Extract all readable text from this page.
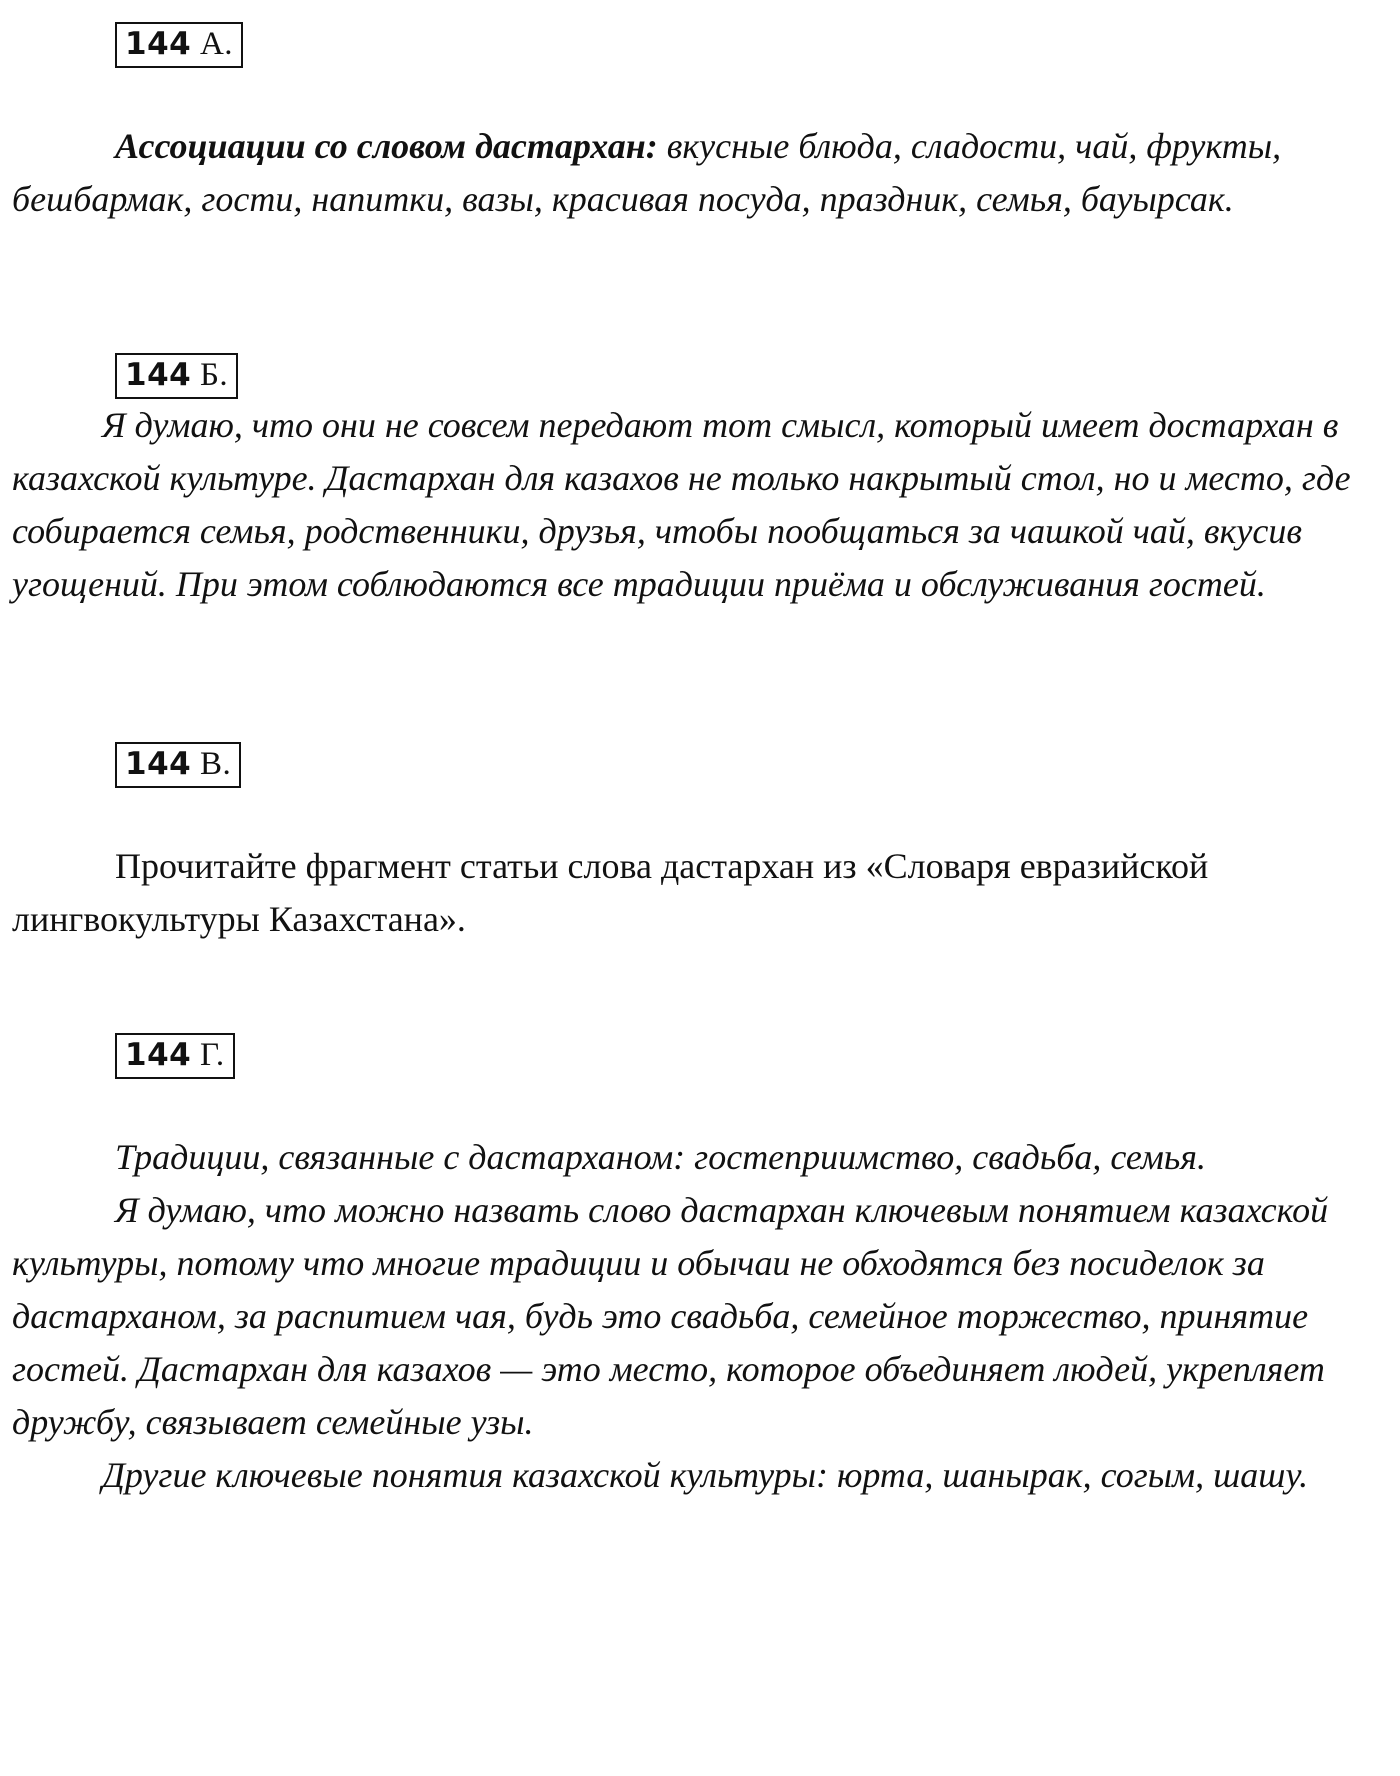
144 А.

Ассоциации со словом дастархан: вкусные блюда, сладости, чай, фрукты, бешбармак, гости, напитки, вазы, красивая посуда, праздник, семья, бауырсак.

144 Б.

Я думаю, что они не совсем передают тот смысл, который имеет достархан в казахской культуре. Дастархан для казахов не только накрытый стол, но и место, где собирается семья, родственники, друзья, чтобы пообщаться за чашкой чай, вкусив угощений. При этом соблюдаются все традиции приёма и обслуживания гостей.

144 В.

Прочитайте фрагмент статьи слова дастархан из «Словаря евразийской лингвокультуры Казахстана».

144 Г.

Традиции, связанные с дастарханом: гостеприимство, свадьба, семья.

Я думаю, что можно назвать слово дастархан ключевым понятием казахской культуры, потому что многие традиции и обычаи не обходятся без посиделок за дастарханом, за распитием чая, будь это свадьба, семейное торжество, принятие гостей. Дастархан для казахов — это место, которое объединяет людей, укрепляет дружбу, связывает семейные узы.

Другие ключевые понятия казахской культуры: юрта, шанырак, согым, шашу.
